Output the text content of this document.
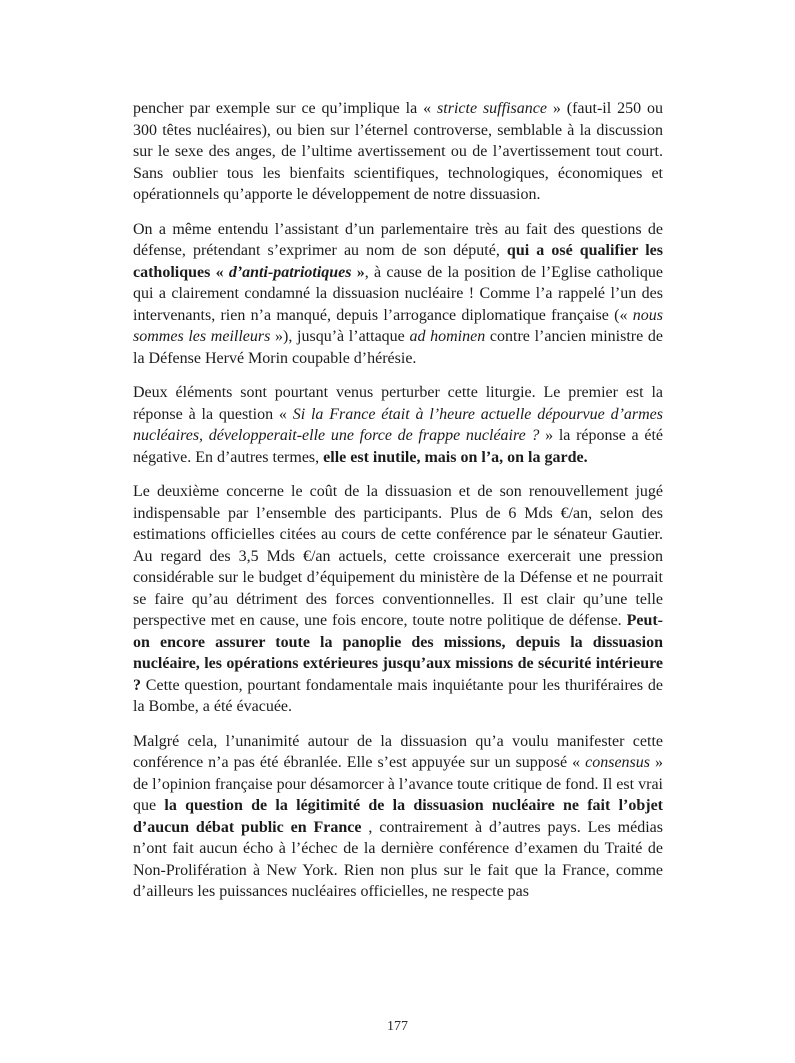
pencher par exemple sur ce qu’implique la « stricte suffisance » (faut-il 250 ou 300 têtes nucléaires), ou bien sur l’éternel controverse, semblable à la discussion sur le sexe des anges, de l’ultime avertissement ou de l’avertissement tout court. Sans oublier tous les bienfaits scientifiques, technologiques, économiques et opérationnels qu’apporte le développement de notre dissuasion.

On a même entendu l’assistant d’un parlementaire très au fait des questions de défense, prétendant s’exprimer au nom de son député, qui a osé qualifier les catholiques « d’anti-patriotiques », à cause de la position de l’Eglise catholique qui a clairement condamné la dissuasion nucléaire ! Comme l’a rappelé l’un des intervenants, rien n’a manqué, depuis l’arrogance diplomatique française (« nous sommes les meilleurs »), jusqu’à l’attaque ad hominen contre l’ancien ministre de la Défense Hervé Morin coupable d’hérésie.

Deux éléments sont pourtant venus perturber cette liturgie. Le premier est la réponse à la question « Si la France était à l’heure actuelle dépourvue d’armes nucléaires, développerait-elle une force de frappe nucléaire ? » la réponse a été négative. En d’autres termes, elle est inutile, mais on l’a, on la garde.

Le deuxième concerne le coût de la dissuasion et de son renouvellement jugé indispensable par l’ensemble des participants. Plus de 6 Mds €/an, selon des estimations officielles citées au cours de cette conférence par le sénateur Gautier. Au regard des 3,5 Mds €/an actuels, cette croissance exercerait une pression considérable sur le budget d’équipement du ministère de la Défense et ne pourrait se faire qu’au détriment des forces conventionnelles. Il est clair qu’une telle perspective met en cause, une fois encore, toute notre politique de défense. Peut-on encore assurer toute la panoplie des missions, depuis la dissuasion nucléaire, les opérations extérieures jusqu’aux missions de sécurité intérieure ? Cette question, pourtant fondamentale mais inquiétante pour les thuriféraires de la Bombe, a été évacuée.

Malgré cela, l’unanimité autour de la dissuasion qu’a voulu manifester cette conférence n’a pas été ébranlée. Elle s’est appuyée sur un supposé « consensus » de l’opinion française pour désamorcer à l’avance toute critique de fond. Il est vrai que la question de la légitimité de la dissuasion nucléaire ne fait l’objet d’aucun débat public en France , contrairement à d’autres pays. Les médias n’ont fait aucun écho à l’échec de la dernière conférence d’examen du Traité de Non-Prolifération à New York. Rien non plus sur le fait que la France, comme d’ailleurs les puissances nucléaires officielles, ne respecte pas

177
